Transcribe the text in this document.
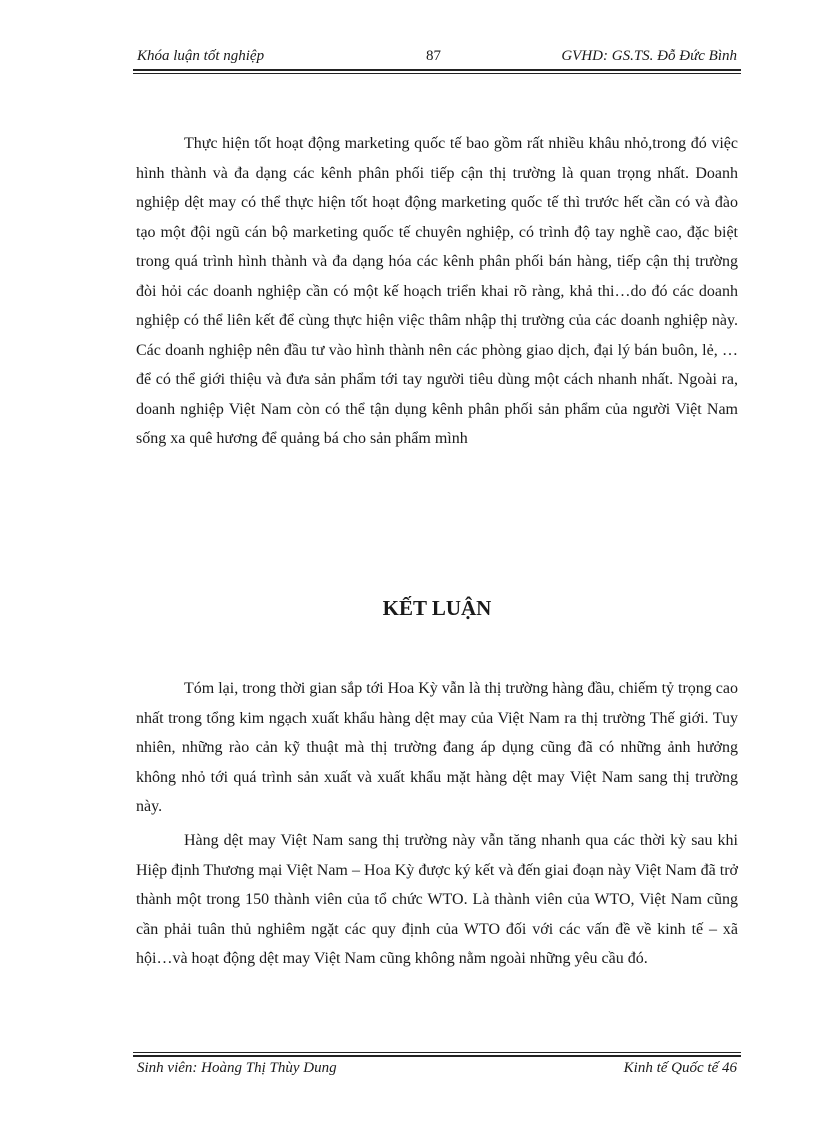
Khóa luận tốt nghiệp	87	GVHD: GS.TS. Đỗ Đức Bình

Thực hiện tốt hoạt động marketing quốc tế bao gồm rất nhiều khâu nhỏ,trong đó việc hình thành và đa dạng các kênh phân phối tiếp cận thị trường là quan trọng nhất. Doanh nghiệp dệt may có thể thực hiện tốt hoạt động marketing quốc tế thì trước hết cần có và đào tạo một đội ngũ cán bộ marketing quốc tế chuyên nghiệp, có trình độ tay nghề cao, đặc biệt trong quá trình hình thành và đa dạng hóa các kênh phân phối bán hàng, tiếp cận thị trường đòi hỏi các doanh nghiệp cần có một kế hoạch triển khai rõ ràng, khả thi…do đó các doanh nghiệp có thể liên kết để cùng thực hiện việc thâm nhập thị trường của các doanh nghiệp này. Các doanh nghiệp nên đầu tư vào hình thành nên các phòng giao dịch, đại lý bán buôn, lẻ, …để có thể giới thiệu và đưa sản phẩm tới tay người tiêu dùng một cách nhanh nhất. Ngoài ra, doanh nghiệp Việt Nam còn có thể tận dụng kênh phân phối sản phẩm của người Việt Nam sống xa quê hương để quảng bá cho sản phẩm mình

KẾT LUẬN

Tóm lại, trong thời gian sắp tới Hoa Kỳ vẫn là thị trường hàng đầu, chiếm tỷ trọng cao nhất trong tổng kim ngạch xuất khẩu hàng dệt may của Việt Nam ra thị trường Thế giới. Tuy nhiên, những rào cản kỹ thuật mà thị trường đang áp dụng cũng đã có những ảnh hưởng không nhỏ tới quá trình sản xuất và xuất khẩu mặt hàng dệt may Việt Nam sang thị trường này.

Hàng dệt may Việt Nam sang thị trường này vẫn tăng nhanh qua các thời kỳ sau khi Hiệp định Thương mại Việt Nam – Hoa Kỳ được ký kết và đến giai đoạn này Việt Nam đã trở thành một trong 150 thành viên của tổ chức WTO. Là thành viên của WTO, Việt Nam cũng cần phải tuân thủ nghiêm ngặt các quy định của WTO đối với các vấn đề về kinh tế – xã hội…và hoạt động dệt may Việt Nam cũng không nằm ngoài những yêu cầu đó.

Sinh viên: Hoàng Thị Thùy Dung	Kinh tế Quốc tế 46
